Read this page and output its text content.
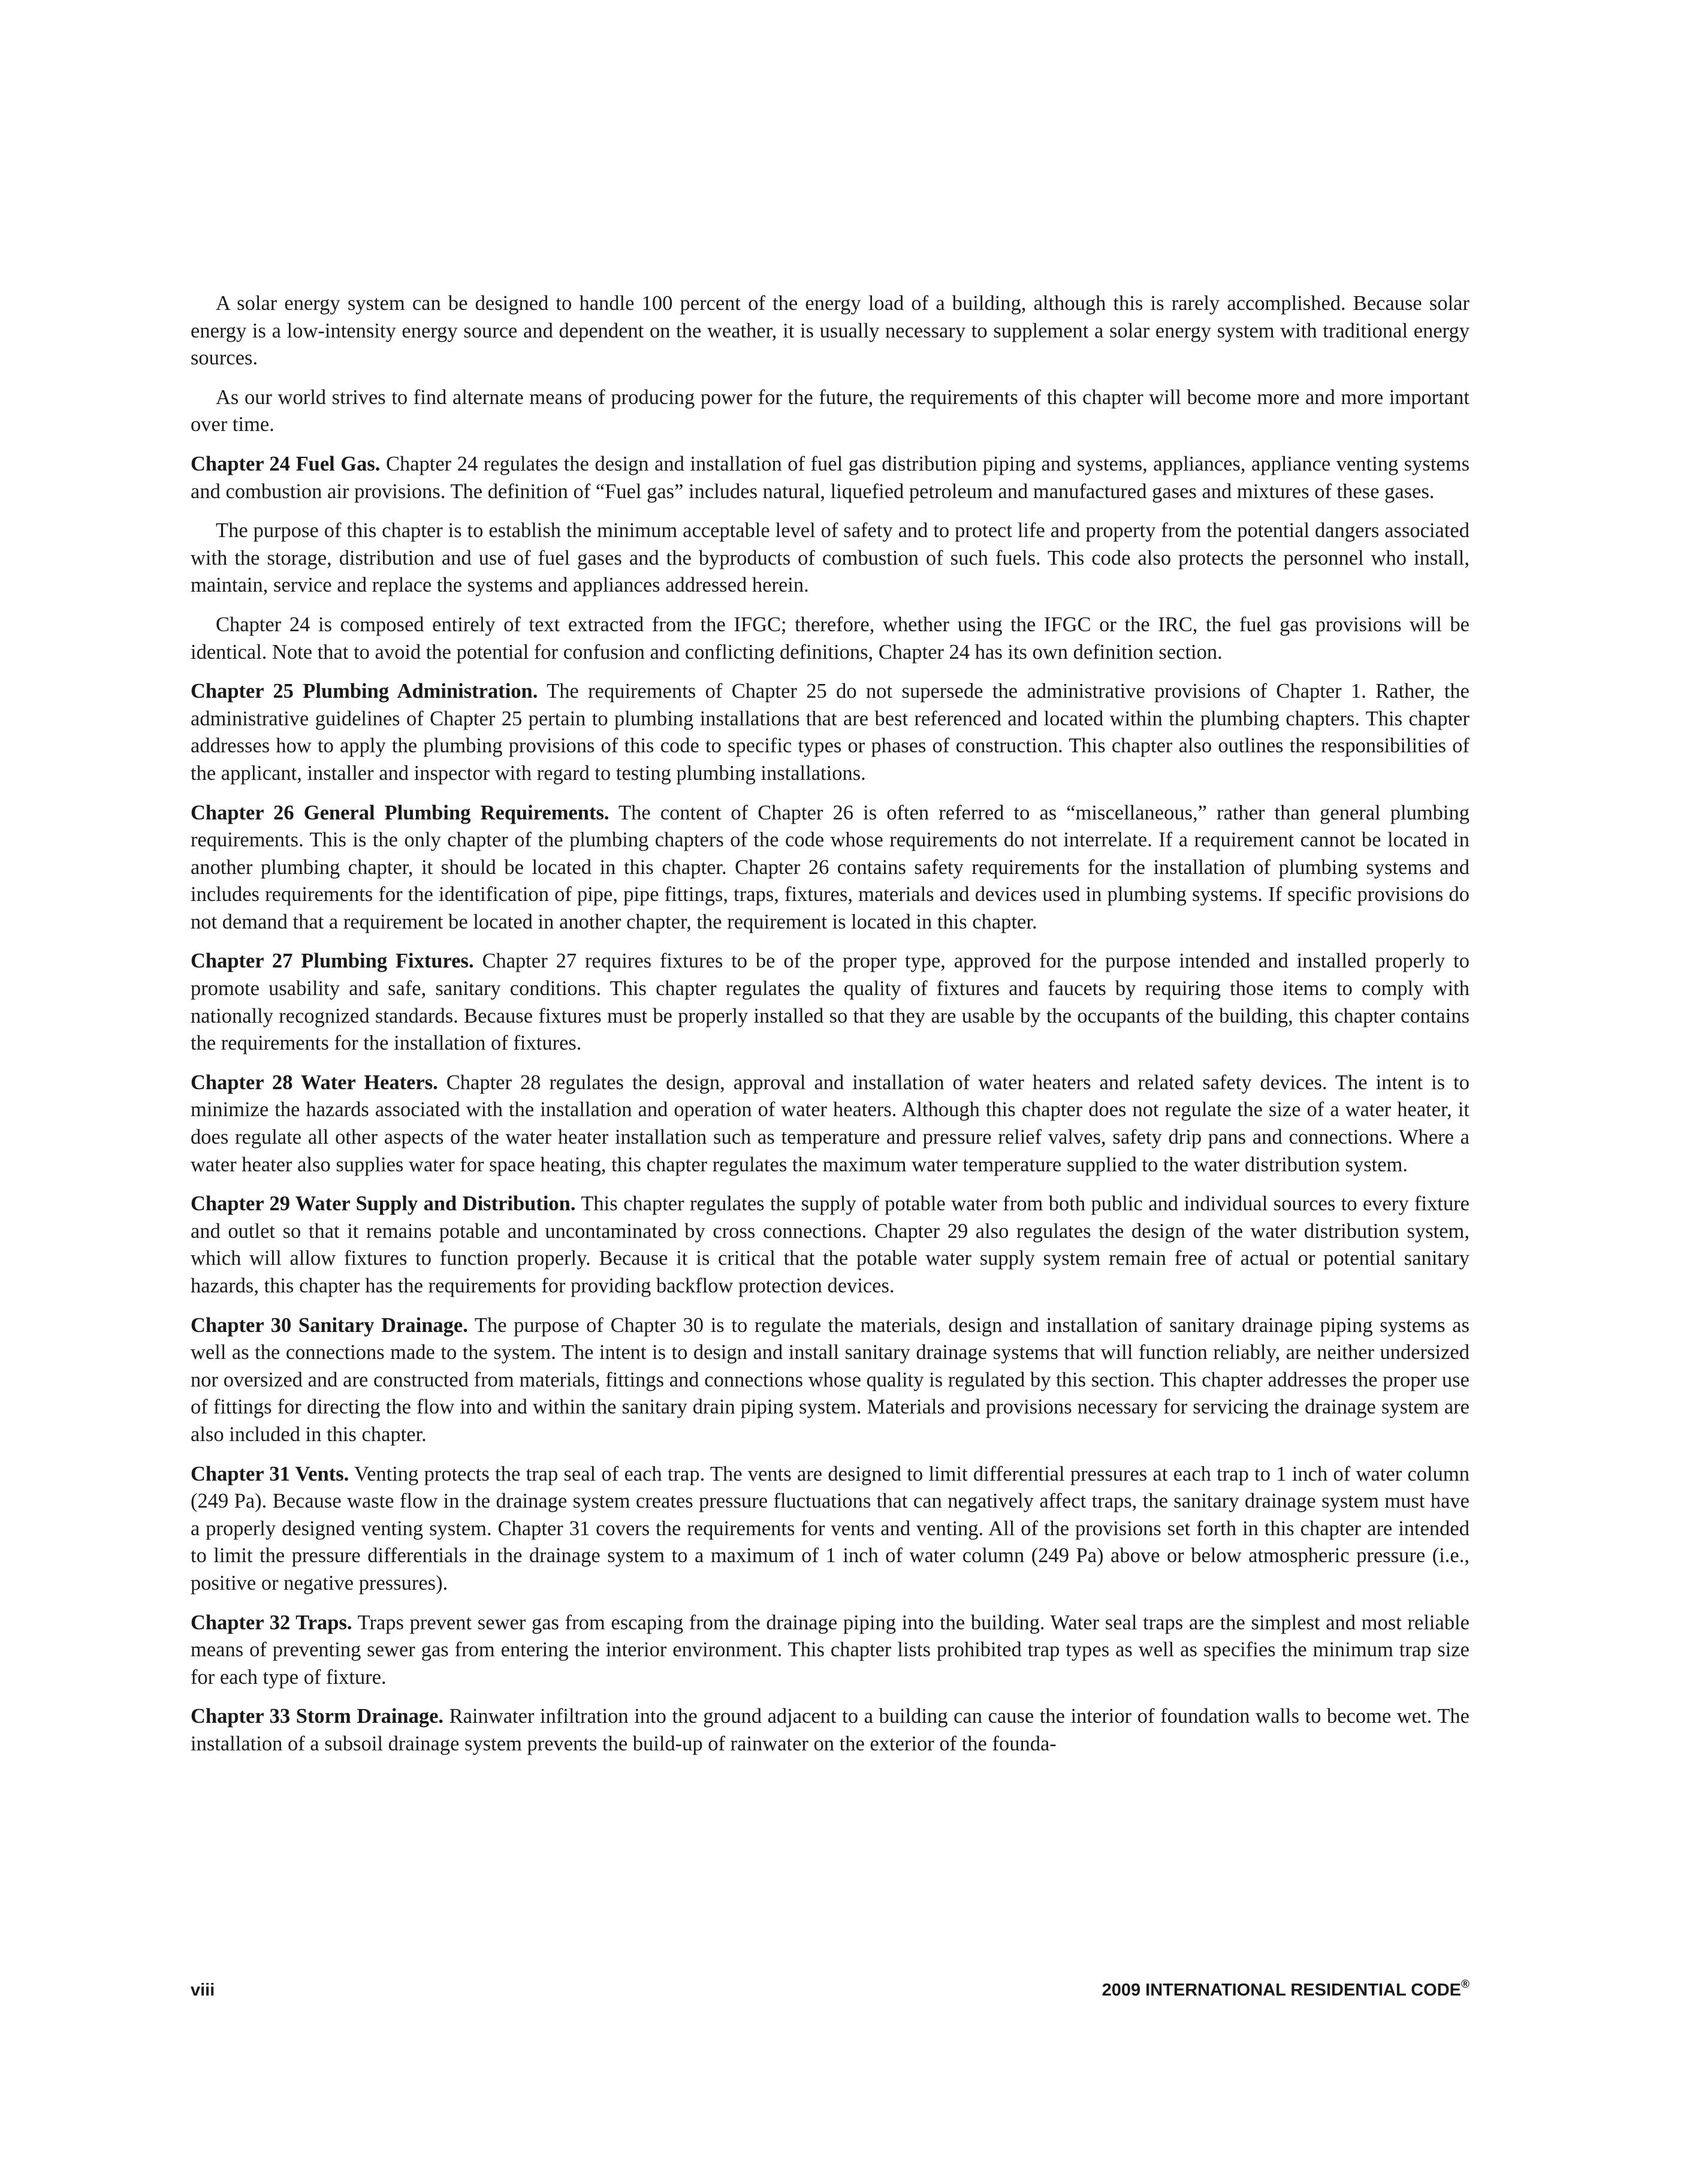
A solar energy system can be designed to handle 100 percent of the energy load of a building, although this is rarely accomplished. Because solar energy is a low-intensity energy source and dependent on the weather, it is usually necessary to supplement a solar energy system with traditional energy sources.

As our world strives to find alternate means of producing power for the future, the requirements of this chapter will become more and more important over time.

Chapter 24 Fuel Gas. Chapter 24 regulates the design and installation of fuel gas distribution piping and systems, appliances, appliance venting systems and combustion air provisions. The definition of “Fuel gas” includes natural, liquefied petroleum and manufactured gases and mixtures of these gases.

The purpose of this chapter is to establish the minimum acceptable level of safety and to protect life and property from the potential dangers associated with the storage, distribution and use of fuel gases and the byproducts of combustion of such fuels. This code also protects the personnel who install, maintain, service and replace the systems and appliances addressed herein.

Chapter 24 is composed entirely of text extracted from the IFGC; therefore, whether using the IFGC or the IRC, the fuel gas provisions will be identical. Note that to avoid the potential for confusion and conflicting definitions, Chapter 24 has its own definition section.

Chapter 25 Plumbing Administration. The requirements of Chapter 25 do not supersede the administrative provisions of Chapter 1. Rather, the administrative guidelines of Chapter 25 pertain to plumbing installations that are best referenced and located within the plumbing chapters. This chapter addresses how to apply the plumbing provisions of this code to specific types or phases of construction. This chapter also outlines the responsibilities of the applicant, installer and inspector with regard to testing plumbing installations.

Chapter 26 General Plumbing Requirements. The content of Chapter 26 is often referred to as “miscellaneous,” rather than general plumbing requirements. This is the only chapter of the plumbing chapters of the code whose requirements do not interrelate. If a requirement cannot be located in another plumbing chapter, it should be located in this chapter. Chapter 26 contains safety requirements for the installation of plumbing systems and includes requirements for the identification of pipe, pipe fittings, traps, fixtures, materials and devices used in plumbing systems. If specific provisions do not demand that a requirement be located in another chapter, the requirement is located in this chapter.

Chapter 27 Plumbing Fixtures. Chapter 27 requires fixtures to be of the proper type, approved for the purpose intended and installed properly to promote usability and safe, sanitary conditions. This chapter regulates the quality of fixtures and faucets by requiring those items to comply with nationally recognized standards. Because fixtures must be properly installed so that they are usable by the occupants of the building, this chapter contains the requirements for the installation of fixtures.

Chapter 28 Water Heaters. Chapter 28 regulates the design, approval and installation of water heaters and related safety devices. The intent is to minimize the hazards associated with the installation and operation of water heaters. Although this chapter does not regulate the size of a water heater, it does regulate all other aspects of the water heater installation such as temperature and pressure relief valves, safety drip pans and connections. Where a water heater also supplies water for space heating, this chapter regulates the maximum water temperature supplied to the water distribution system.

Chapter 29 Water Supply and Distribution. This chapter regulates the supply of potable water from both public and individual sources to every fixture and outlet so that it remains potable and uncontaminated by cross connections. Chapter 29 also regulates the design of the water distribution system, which will allow fixtures to function properly. Because it is critical that the potable water supply system remain free of actual or potential sanitary hazards, this chapter has the requirements for providing backflow protection devices.

Chapter 30 Sanitary Drainage. The purpose of Chapter 30 is to regulate the materials, design and installation of sanitary drainage piping systems as well as the connections made to the system. The intent is to design and install sanitary drainage systems that will function reliably, are neither undersized nor oversized and are constructed from materials, fittings and connections whose quality is regulated by this section. This chapter addresses the proper use of fittings for directing the flow into and within the sanitary drain piping system. Materials and provisions necessary for servicing the drainage system are also included in this chapter.

Chapter 31 Vents. Venting protects the trap seal of each trap. The vents are designed to limit differential pressures at each trap to 1 inch of water column (249 Pa). Because waste flow in the drainage system creates pressure fluctuations that can negatively affect traps, the sanitary drainage system must have a properly designed venting system. Chapter 31 covers the requirements for vents and venting. All of the provisions set forth in this chapter are intended to limit the pressure differentials in the drainage system to a maximum of 1 inch of water column (249 Pa) above or below atmospheric pressure (i.e., positive or negative pressures).

Chapter 32 Traps. Traps prevent sewer gas from escaping from the drainage piping into the building. Water seal traps are the simplest and most reliable means of preventing sewer gas from entering the interior environment. This chapter lists prohibited trap types as well as specifies the minimum trap size for each type of fixture.

Chapter 33 Storm Drainage. Rainwater infiltration into the ground adjacent to a building can cause the interior of foundation walls to become wet. The installation of a subsoil drainage system prevents the build-up of rainwater on the exterior of the founda-

viii	2009 INTERNATIONAL RESIDENTIAL CODE®
